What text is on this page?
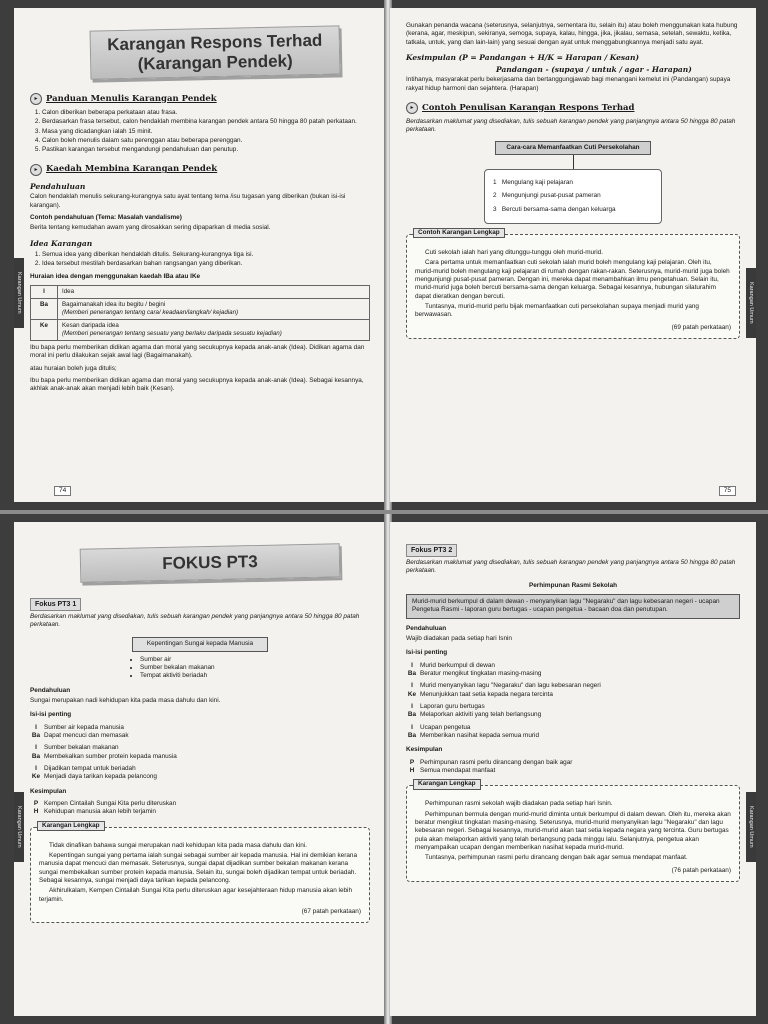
Karangan Respons Terhad
(Karangan Pendek)
▸	Panduan Menulis Karangan Pendek
1. Calon diberikan beberapa perkataan atau frasa.
2. Berdasarkan frasa tersebut, calon hendaklah membina karangan pendek antara 50 hingga 80 patah perkataan.
3. Masa yang dicadangkan ialah 15 minit.
4. Calon boleh menulis dalam satu perenggan atau beberapa perenggan.
5. Pastikan karangan tersebut mengandungi pendahuluan dan penutup.
▸	Kaedah Membina Karangan Pendek
Pendahuluan

Calon hendaklah menulis sekurang-kurangnya satu ayat tentang tema /isu tugasan yang diberikan (bukan isi-isi karangan).

Contoh pendahuluan (Tema: Masalah vandalisme)

Berita tentang kemudahan awam yang dirosakkan sering dipaparkan di media sosial.

Idea Karangan
1. Semua idea yang diberikan hendaklah ditulis. Sekurang-kurangnya tiga isi.
2. Idea tersebut mestilah berdasarkan bahan rangsangan yang diberikan.

Huraian idea dengan menggunakan kaedah IBa atau IKe

I	Idea
Ba	Bagaimanakah idea itu begitu / begini
(Memberi penerangan tentang cara/ keadaan/langkah/ kejadian)
Ke	Kesan daripada idea
(Memberi penerangan tentang sesuatu yang berlaku daripada sesuatu kejadian)

Ibu bapa perlu memberikan didikan agama dan moral yang secukupnya kepada anak-anak (Idea). Didikan agama dan moral ini perlu dilakukan sejak awal lagi (Bagaimanakah).

atau huraian boleh juga ditulis;

Ibu bapa perlu memberikan didikan agama dan moral yang secukupnya kepada anak-anak (Idea). Sebagai kesannya, akhlak anak-anak akan menjadi lebih baik (Kesan).

74
Karangan Umum

Gunakan penanda wacana (seterusnya, selanjutnya, sementara itu, selain itu) atau boleh menggunakan kata hubung (kerana, agar, meskipun, sekiranya, semoga, supaya, kalau, hingga, jika, jikalau, semasa, setelah, sewaktu, ketika, tatkala, untuk, yang dan lain-lain) yang sesuai dengan ayat untuk menggabungkannya menjadi satu ayat.

Kesimpulan (P = Pandangan + H/K = Harapan / Kesan)
Pandangan - (supaya / untuk / agar - Harapan)

Intihanya, masyarakat perlu bekerjasama dan bertanggungjawab bagi menangani kemelut ini (Pandangan) supaya rakyat hidup harmoni dan sejahtera. (Harapan)

▸	Contoh Penulisan Karangan Respons Terhad

Berdasarkan maklumat yang disediakan, tulis sebuah karangan pendek yang panjangnya antara 50 hingga 80 patah perkataan.

Cara-cara Memanfaatkan Cuti Persekolahan
1 Mengulang kaji pelajaran
2 Mengunjungi pusat-pusat pameran
3 Bercuti bersama-sama dengan keluarga
Contoh Karangan Lengkap

Cuti sekolah ialah hari yang ditunggu-tunggu oleh murid-murid.

Cara pertama untuk memanfaatkan cuti sekolah ialah murid boleh mengulang kaji pelajaran. Oleh itu, murid-murid boleh mengulang kaji pelajaran di rumah dengan rakan-rakan. Seterusnya, murid-murid juga boleh mengunjungi pusat-pusat pameran. Dengan ini, mereka dapat menambahkan ilmu pengetahuan. Selain itu, murid-murid juga boleh bercuti bersama-sama dengan keluarga. Sebagai kesannya, hubungan silaturahim dapat dieratkan dengan bercuti.

Tuntasnya, murid-murid perlu bijak memanfaatkan cuti persekolahan supaya menjadi murid yang berwawasan.

(69 patah perkataan)
75
Karangan Umum
FOKUS PT3
Fokus PT3 1

Berdasarkan maklumat yang disediakan, tulis sebuah karangan pendek yang panjangnya antara 50 hingga 80 patah perkataan.

Kepentingan Sungai kepada Manusia
• Sumber air
• Sumber bekalan makanan
• Tempat aktiviti beriadah
Pendahuluan

Sungai merupakan nadi kehidupan kita pada masa dahulu dan kini.

Isi-isi penting
I	Sumber air kepada manusia
Ba Dapat mencuci dan memasak
I	Sumber bekalan makanan
Ba Membekalkan sumber protein kepada manusia
I	Dijadikan tempat untuk beriadah
Ke Menjadi daya tarikan kepada pelancong
Kesimpulan
P Kempen Cintailah Sungai Kita perlu diteruskan
H Kehidupan manusia akan lebih terjamin
Karangan Lengkap

Tidak dinafikan bahawa sungai merupakan nadi kehidupan kita pada masa dahulu dan kini.

Kepentingan sungai yang pertama ialah sungai sebagai sumber air kepada manusia. Hal ini demikian kerana manusia dapat mencuci dan memasak. Seterusnya, sungai dapat dijadikan sumber bekalan makanan kerana sungai membekalkan sumber protein kepada manusia. Selain itu, sungai boleh dijadikan tempat untuk beriadah. Sebagai kesannya, sungai menjadi daya tarikan kepada pelancong.

Akhirulkalam, Kempen Cintailah Sungai Kita perlu diteruskan agar kesejahteraan hidup manusia akan lebih terjamin.

(67 patah perkataan)
Karangan Umum
Fokus PT3 2

Berdasarkan maklumat yang disediakan, tulis sebuah karangan pendek yang panjangnya antara 50 hingga 80 patah perkataan.

Perhimpunan Rasmi Sekolah
Murid-murid berkumpul di dalam dewan - menyanyikan lagu "Negaraku" dan lagu kebesaran negeri - ucapan Pengetua Rasmi - laporan guru bertugas - ucapan pengetua - bacaan doa dan penutupan.
Pendahuluan

Wajib diadakan pada setiap hari Isnin

Isi-isi penting
I	Murid berkumpul di dewan
Ba Beratur mengikut tingkatan masing-masing
I	Murid menyanyikan lagu "Negaraku" dan lagu kebesaran negeri
Ke Menunjukkan taat setia kepada negara tercinta
I	Laporan guru bertugas
Ba Melaporkan aktiviti yang telah berlangsung
I	Ucapan pengetua
Ba Memberikan nasihat kepada semua murid
Kesimpulan
P Perhimpunan rasmi perlu dirancang dengan baik agar
H Semua mendapat manfaat
Karangan Lengkap

Perhimpunan rasmi sekolah wajib diadakan pada setiap hari Isnin.

Perhimpunan bermula dengan murid-murid diminta untuk berkumpul di dalam dewan. Oleh itu, mereka akan beratur mengikut tingkatan masing-masing. Seterusnya, murid-murid menyanyikan lagu "Negaraku" dan lagu kebesaran negeri. Sebagai kesannya, murid-murid akan taat setia kepada negara yang tercinta. Guru bertugas pula akan melaporkan aktiviti yang telah berlangsung pada minggu lalu. Selanjutnya, pengetua akan menyampaikan ucapan dengan memberikan nasihat kepada murid-murid.

Tuntasnya, perhimpunan rasmi perlu dirancang dengan baik agar semua mendapat manfaat.

(76 patah perkataan)
Karangan Umum
